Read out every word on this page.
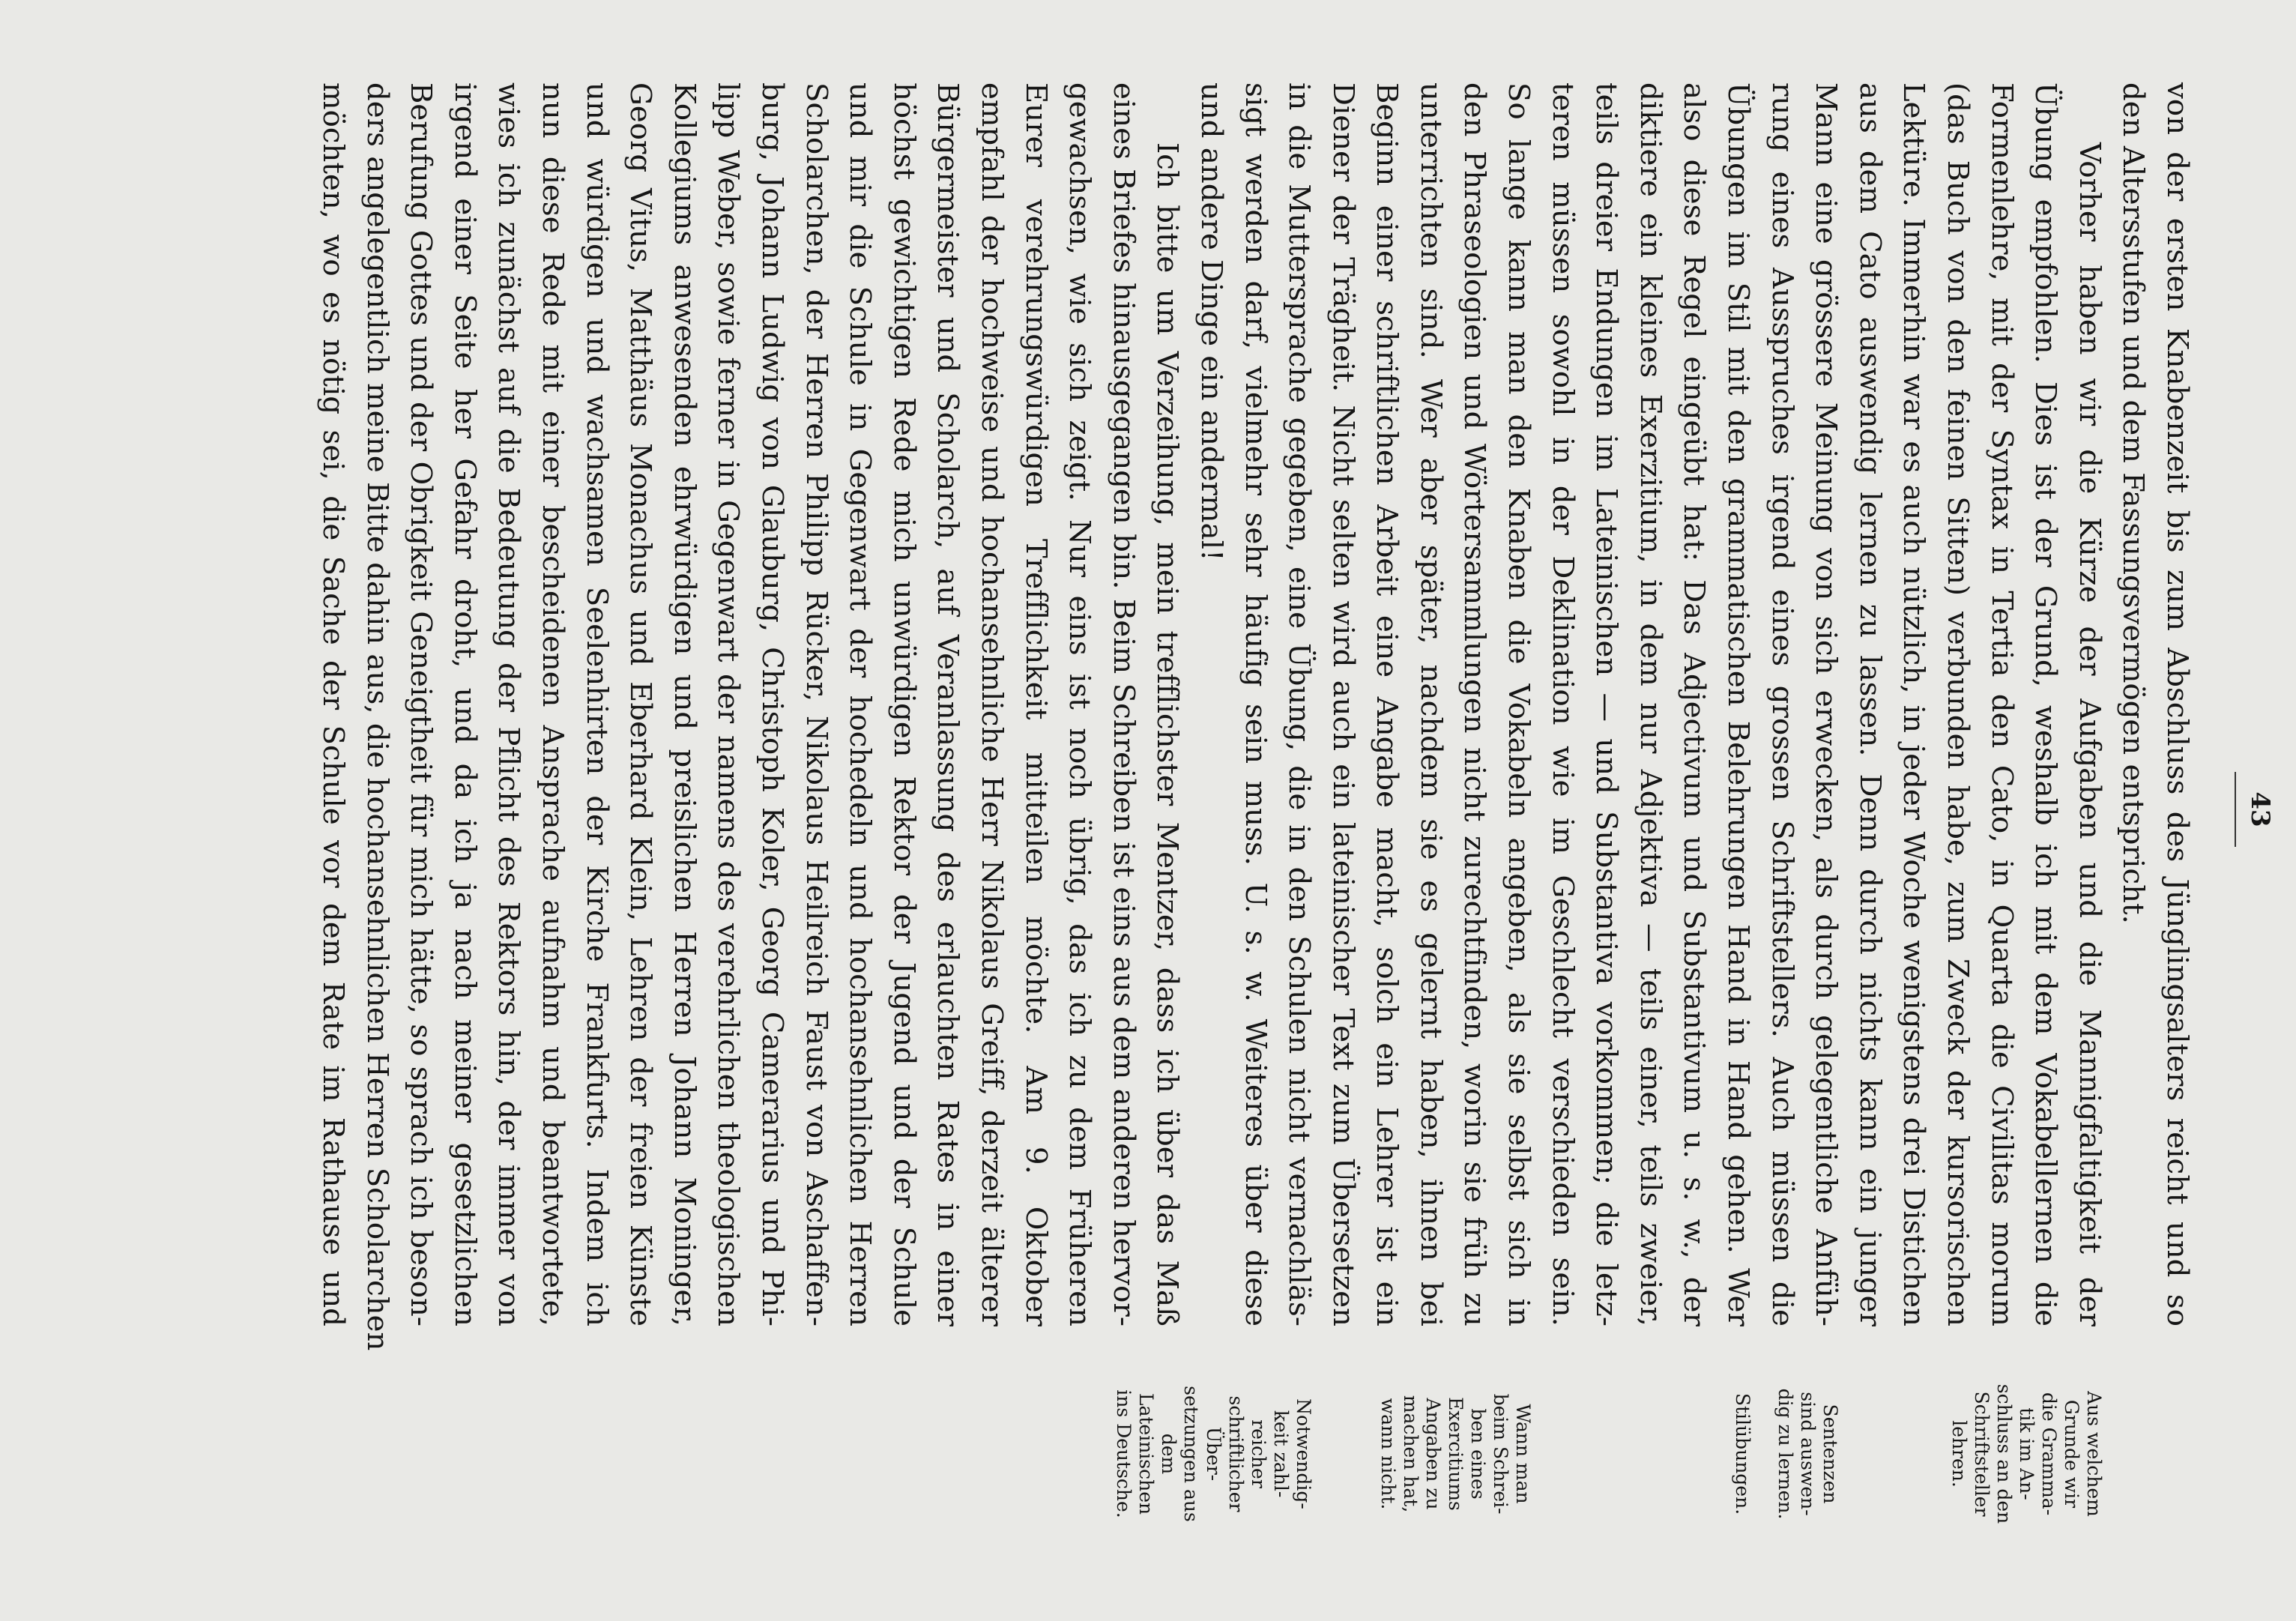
43
von der ersten Knabenzeit bis zum Abschluss des Jünglingsalters reicht und so
den Altersstufen und dem Fassungsvermögen entspricht.
Vorher haben wir die Kürze der Aufgaben und die Mannigfaltigkeit der
Übung empfohlen. Dies ist der Grund, weshalb ich mit dem Vokabellernen die
Formenlehre, mit der Syntax in Tertia den Cato, in Quarta die Civilitas morum
(das Buch von den feinen Sitten) verbunden habe, zum Zweck der kursorischen
Lektüre. Immerhin war es auch nützlich, in jeder Woche wenigstens drei Distichen
aus dem Cato auswendig lernen zu lassen. Denn durch nichts kann ein junger
Mann eine grössere Meinung von sich erwecken, als durch gelegentliche Anfüh-
rung eines Ausspruches irgend eines grossen Schriftstellers. Auch müssen die
Übungen im Stil mit den grammatischen Belehrungen Hand in Hand gehen. Wer
also diese Regel eingeübt hat: Das Adjectivum und Substantivum u. s. w., der
diktiere ein kleines Exerzitium, in dem nur Adjektiva — teils einer, teils zweier,
teils dreier Endungen im Lateinischen — und Substantiva vorkommen; die letz-
teren müssen sowohl in der Deklination wie im Geschlecht verschieden sein.
So lange kann man den Knaben die Vokabeln angeben, als sie selbst sich in
den Phraseologien und Wörtersammlungen nicht zurechtfinden, worin sie früh zu
unterrichten sind. Wer aber später, nachdem sie es gelernt haben, ihnen bei
Beginn einer schriftlichen Arbeit eine Angabe macht, solch ein Lehrer ist ein
Diener der Trägheit. Nicht selten wird auch ein lateinischer Text zum Übersetzen
in die Muttersprache gegeben, eine Übung, die in den Schulen nicht vernachläs-
sigt werden darf, vielmehr sehr häufig sein muss. U. s. w. Weiteres über diese
und andere Dinge ein andermal!
Ich bitte um Verzeihung, mein trefflichster Mentzer, dass ich über das Maß
eines Briefes hinausgegangen bin. Beim Schreiben ist eins aus dem anderen hervor-
gewachsen, wie sich zeigt. Nur eins ist noch übrig, das ich zu dem Früheren
Eurer verehrungswürdigen Trefflichkeit mitteilen möchte. Am 9. Oktober
empfahl der hochweise und hochansehnliche Herr Nikolaus Greiff, derzeit älterer
Bürgermeister und Scholarch, auf Veranlassung des erlauchten Rates in einer
höchst gewichtigen Rede mich unwürdigen Rektor der Jugend und der Schule
und mir die Schule in Gegenwart der hochedeln und hochansehnlichen Herren
Scholarchen, der Herren Philipp Rücker, Nikolaus Heilreich Faust von Aschaffen-
burg, Johann Ludwig von Glauburg, Christoph Koler, Georg Camerarius und Phi-
lipp Weber, sowie ferner in Gegenwart der namens des verehrlichen theologischen
Kollegiums anwesenden ehrwürdigen und preislichen Herren Johann Moninger,
Georg Vitus, Matthäus Monachus und Eberhard Klein, Lehren der freien Künste
und würdigen und wachsamen Seelenhirten der Kirche Frankfurts. Indem ich
nun diese Rede mit einer bescheidenen Ansprache aufnahm und beantwortete,
wies ich zunächst auf die Bedeutung der Pflicht des Rektors hin, der immer von
irgend einer Seite her Gefahr droht, und da ich ja nach meiner gesetzlichen
Berufung Gottes und der Obrigkeit Geneigtheit für mich hätte, so sprach ich beson-
ders angelegentlich meine Bitte dahin aus, die hochansehnlichen Herren Scholarchen
möchten, wo es nötig sei, die Sache der Schule vor dem Rate im Rathause und
Aus welchem
Grunde wir
die Gramma-
tik im An-
schluss an den
Schriftsteller
lehren.
Sentenzen
sind auswen-
dig zu lernen.
Stilübungen.
Wann man
beim Schrei-
ben eines
Exercitiums
Angaben zu
machen hat,
wann nicht.
Notwendig-
keit zahl-
reicher
schriftlicher
Über-
setzungen aus
dem
Lateinischen
ins Deutsche.
